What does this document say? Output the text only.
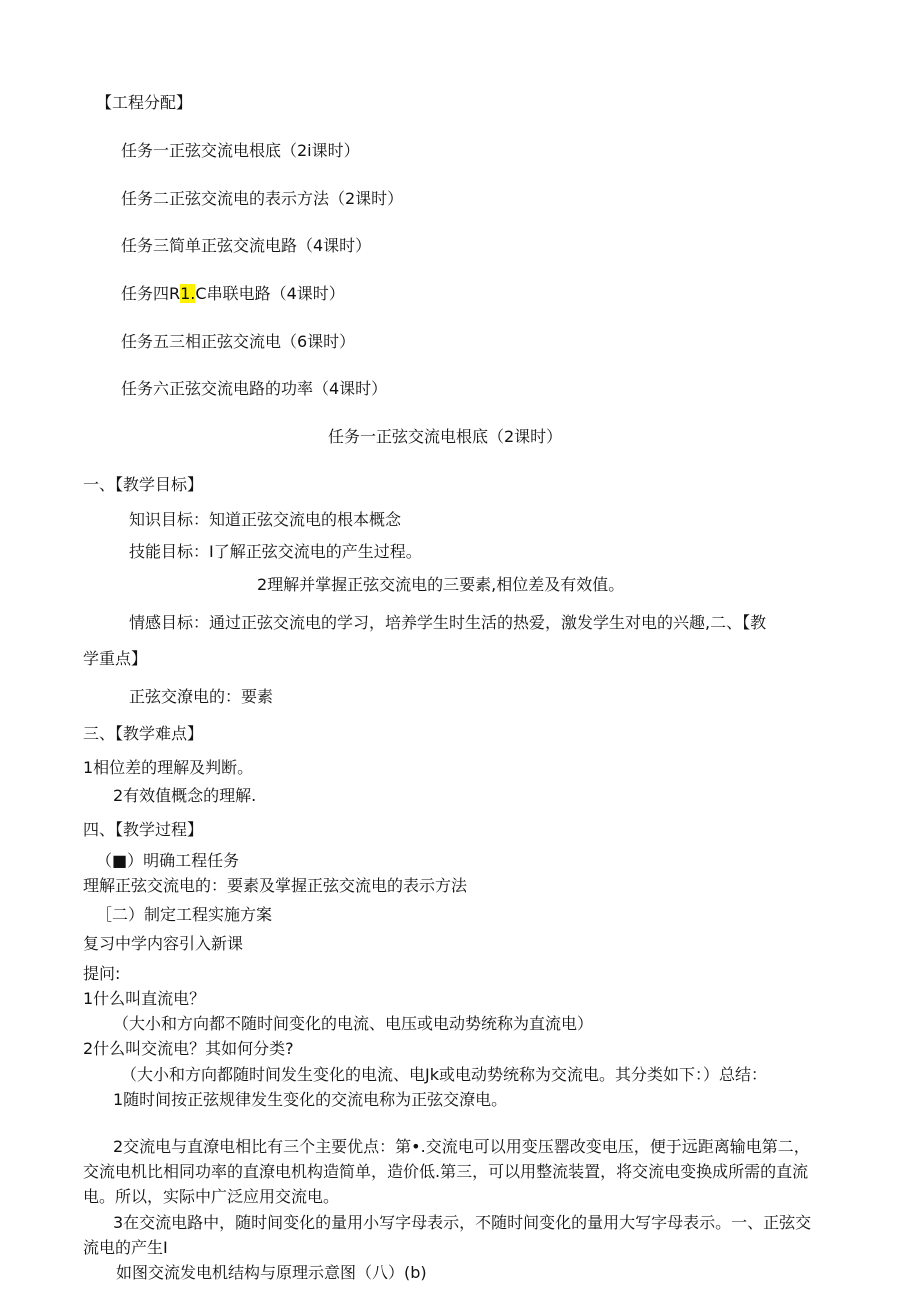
【工程分配】
任务一正弦交流电根底（2i课时）
任务二正弦交流电的表示方法（2课时）
任务三简单正弦交流电路（4课时）
任务四R1.C串联电路（4课时）
任务五三相正弦交流电（6课时）
任务六正弦交流电路的功率（4课时）
任务一正弦交流电根底（2课时）
一、【教学目标】
知识目标：知道正弦交流电的根本概念
技能目标：I了解正弦交流电的产生过程。
2理解并掌握正弦交流电的三要素,相位差及有效值。
情感目标：通过正弦交流电的学习，培养学生时生活的热爱，激发学生对电的兴趣,二、【教
学重点】
正弦交潦电的：要素
三、【教学难点】
1相位差的理解及判断。
2有效值概念的理解.
四、【教学过程】
（■）明确工程任务
理解正弦交流电的：要素及掌握正弦交流电的表示方法
［二）制定工程实施方案
复习中学内容引入新课
提问:
1什么叫直流电？
（大小和方向都不随时间变化的电流、电压或电动势统称为直流电）
2什么叫交流电？其如何分类?
（大小和方向都随时间发生变化的电流、电Jk或电动势统称为交流电。其分类如下：）总结：
1随时间按正弦规律发生变化的交流电称为正弦交潦电。
2交流电与直潦电相比有三个主要优点：第•.交流电可以用变压罂改变电压，便于远距离输电第二，交流电机比相同功率的直潦电机构造简单，造价低.第三，可以用整流装置，将交流电变换成所需的直流电。所以，实际中广泛应用交流电。
3在交流电路中，随时间变化的量用小写字母表示，不随时间变化的量用大写字母表示。一、正弦交流电的产生I
如图交流发电机结构与原理示意图（八）(b)
